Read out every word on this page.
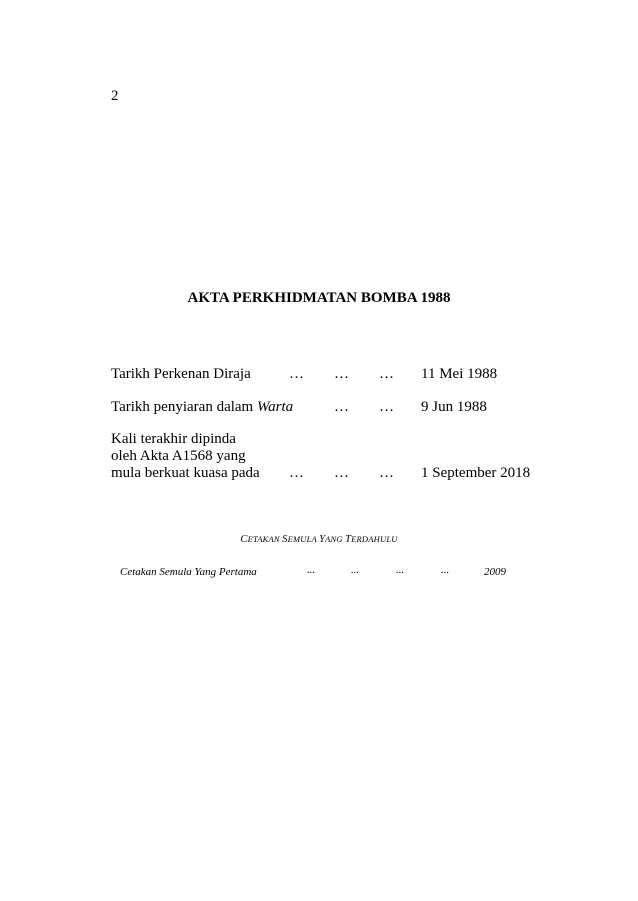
2
AKTA PERKHIDMATAN BOMBA 1988
Tarikh Perkenan Diraja	… … … 11 Mei 1988
Tarikh penyiaran dalam Warta	… … 9 Jun 1988
Kali terakhir dipinda
oleh Akta A1568 yang
mula berkuat kuasa pada … … … 1 September 2018
CETAKAN SEMULA YANG TERDAHULU
Cetakan Semula Yang Pertama	...	...	...	...	2009
